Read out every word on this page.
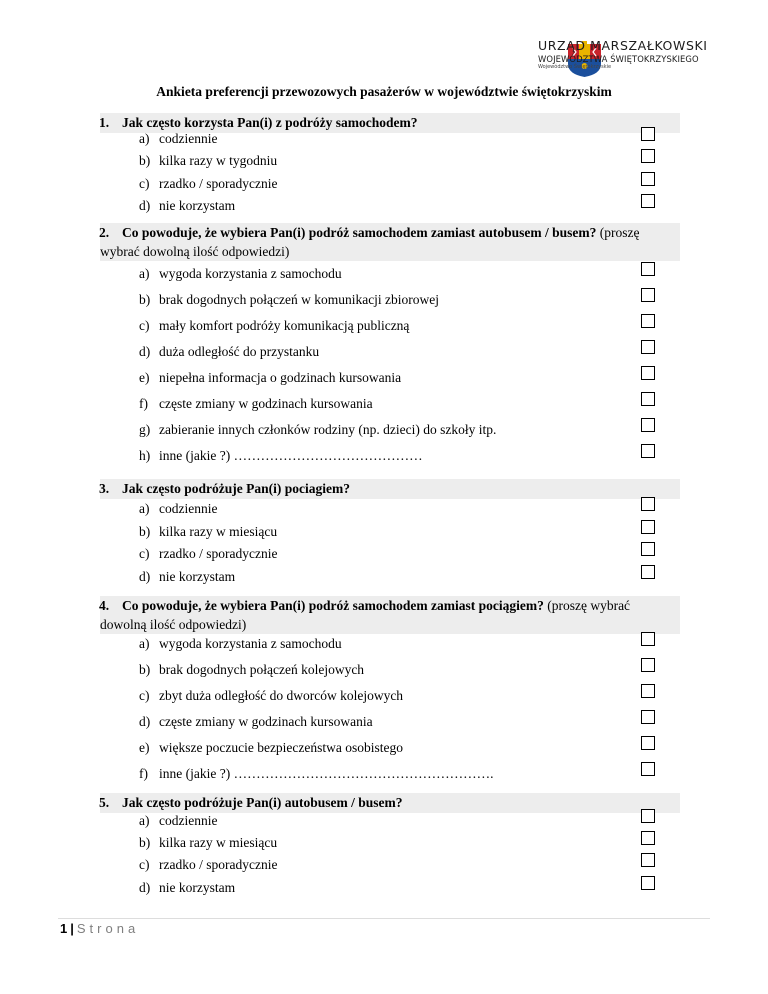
URZĄD MARSZAŁKOWSKI
WOJEWÓDZTWA ŚWIĘTOKRZYSKIEGO
Województwo Świętokrzyskie
Ankieta preferencji przewozowych pasażerów w województwie świętokrzyskim
1. Jak często korzysta Pan(i) z podróży samochodem?
a) codziennie
b) kilka razy w tygodniu
c) rzadko / sporadycznie
d) nie korzystam
2. Co powoduje, że wybiera Pan(i) podróż samochodem zamiast autobusem / busem? (proszę
wybrać dowolną ilość odpowiedzi)
a) wygoda korzystania z samochodu
b) brak dogodnych połączeń w komunikacji zbiorowej
c) mały komfort podróży komunikacją publiczną
d) duża odległość do przystanku
e) niepełna informacja o godzinach kursowania
f) częste zmiany w godzinach kursowania
g) zabieranie innych członków rodziny (np. dzieci) do szkoły itp.
h) inne (jakie ?) ……………………………………
3. Jak często podróżuje Pan(i) pociagiem?
a) codziennie
b) kilka razy w miesiącu
c) rzadko / sporadycznie
d) nie korzystam
4. Co powoduje, że wybiera Pan(i) podróż samochodem zamiast pociągiem? (proszę wybrać
dowolną ilość odpowiedzi)
a) wygoda korzystania z samochodu
b) brak dogodnych połączeń kolejowych
c) zbyt duża odległość do dworców kolejowych
d) częste zmiany w godzinach kursowania
e) większe poczucie bezpieczeństwa osobistego
f) inne (jakie ?) ………………………………………………….
5. Jak często podróżuje Pan(i) autobusem / busem?
a) codziennie
b) kilka razy w miesiącu
c) rzadko / sporadycznie
d) nie korzystam
1 | Strona
